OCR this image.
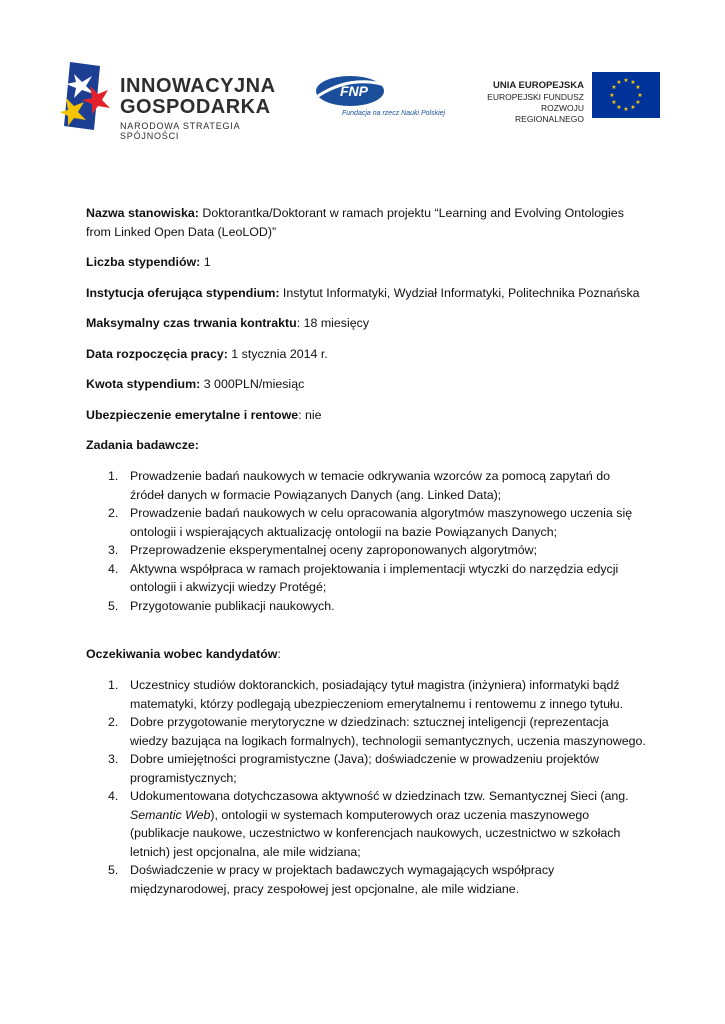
INNOWACYJNA
GOSPODARKA
NARODOWA STRATEGIA SPÓJNOŚCI
FNP
Fundacja na rzecz Nauki Polskiej
UNIA EUROPEJSKA
EUROPEJSKI FUNDUSZ
ROZWOJU REGIONALNEGO
★ ★
★
★
★
★
★
★
★
★
★
★

Nazwa stanowiska: Doktorantka/Doktorant w ramach projektu “Learning and Evolving Ontologies
from Linked Open Data (LeoLOD)”

Liczba stypendiów: 1

Instytucja oferująca stypendium: Instytut Informatyki, Wydział Informatyki, Politechnika Poznańska

Maksymalny czas trwania kontraktu: 18 miesięcy

Data rozpoczęcia pracy: 1 stycznia 2014 r.

Kwota stypendium: 3 000PLN/miesiąc

Ubezpieczenie emerytalne i rentowe: nie

Zadania badawcze:

1. Prowadzenie badań naukowych w temacie odkrywania wzorców za pomocą zapytań do
źródeł danych w formacie Powiązanych Danych (ang. Linked Data);
2. Prowadzenie badań naukowych w celu opracowania algorytmów maszynowego uczenia się
ontologii i wspierających aktualizację ontologii na bazie Powiązanych Danych;
3. Przeprowadzenie eksperymentalnej oceny zaproponowanych algorytmów;
4. Aktywna współpraca w ramach projektowania i implementacji wtyczki do narzędzia edycji
ontologii i akwizycji wiedzy Protégé;
5. Przygotowanie publikacji naukowych.

Oczekiwania wobec kandydatów:

1. Uczestnicy studiów doktoranckich, posiadający tytuł magistra (inżyniera) informatyki bądź
matematyki, którzy podlegają ubezpieczeniom emerytalnemu i rentowemu z innego tytułu.
2. Dobre przygotowanie merytoryczne w dziedzinach: sztucznej inteligencji (reprezentacja
wiedzy bazująca na logikach formalnych), technologii semantycznych, uczenia maszynowego.
3. Dobre umiejętności programistyczne (Java); doświadczenie w prowadzeniu projektów
programistycznych;
4. Udokumentowana dotychczasowa aktywność w dziedzinach tzw. Semantycznej Sieci (ang.
Semantic Web), ontologii w systemach komputerowych oraz uczenia maszynowego
(publikacje naukowe, uczestnictwo w konferencjach naukowych, uczestnictwo w szkołach
letnich) jest opcjonalna, ale mile widziana;
5. Doświadczenie w pracy w projektach badawczych wymagających współpracy
międzynarodowej, pracy zespołowej jest opcjonalne, ale mile widziane.
